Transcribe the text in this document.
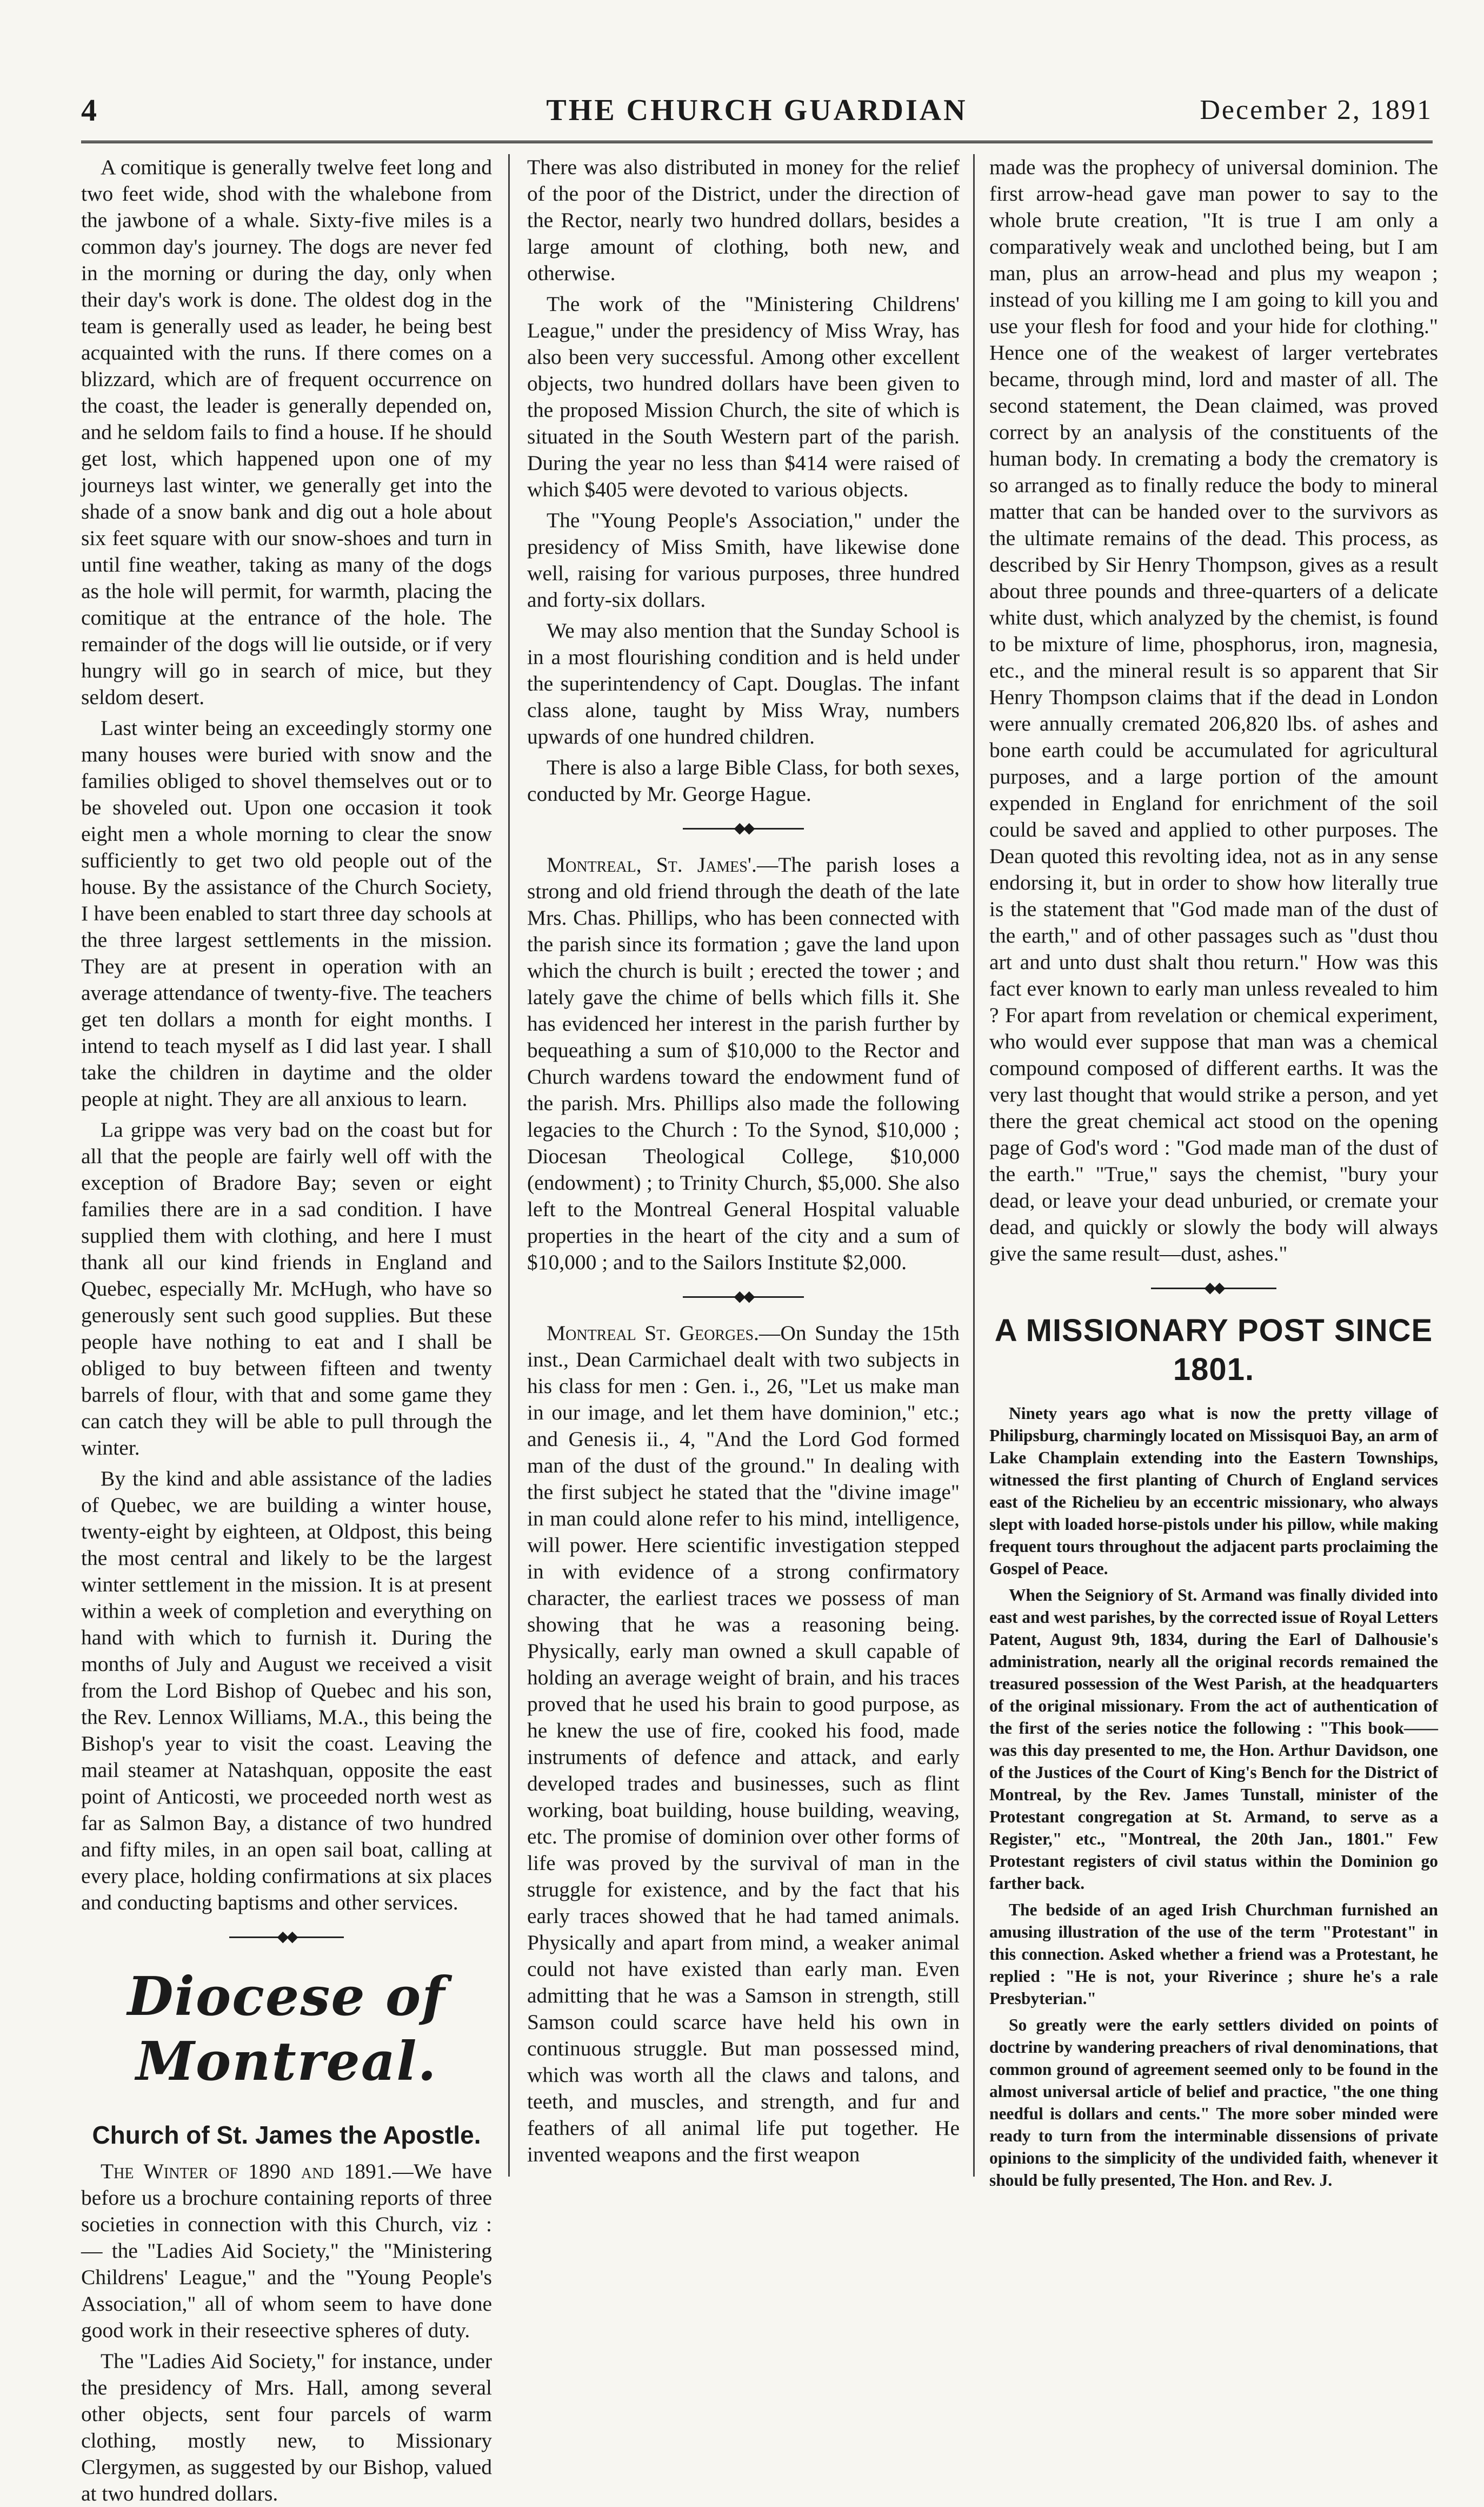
4	THE CHURCH GUARDIAN	December 2, 1891

A comitique is generally twelve feet long and two feet wide, shod with the whalebone from the jawbone of a whale. Sixty-five miles is a common day's journey. The dogs are never fed in the morning or during the day, only when their day's work is done. The oldest dog in the team is generally used as leader, he being best acquainted with the runs. If there comes on a blizzard, which are of frequent occurrence on the coast, the leader is generally depended on, and he seldom fails to find a house. If he should get lost, which happened upon one of my journeys last winter, we generally get into the shade of a snow bank and dig out a hole about six feet square with our snow-shoes and turn in until fine weather, taking as many of the dogs as the hole will permit, for warmth, placing the comitique at the entrance of the hole. The remainder of the dogs will lie outside, or if very hungry will go in search of mice, but they seldom desert.

Last winter being an exceedingly stormy one many houses were buried with snow and the families obliged to shovel themselves out or to be shoveled out. Upon one occasion it took eight men a whole morning to clear the snow sufficiently to get two old people out of the house. By the assistance of the Church Society, I have been enabled to start three day schools at the three largest settlements in the mission. They are at present in operation with an average attendance of twenty-five. The teachers get ten dollars a month for eight months. I intend to teach myself as I did last year. I shall take the children in daytime and the older people at night. They are all anxious to learn.

La grippe was very bad on the coast but for all that the people are fairly well off with the exception of Bradore Bay; seven or eight families there are in a sad condition. I have supplied them with clothing, and here I must thank all our kind friends in England and Quebec, especially Mr. McHugh, who have so generously sent such good supplies. But these people have nothing to eat and I shall be obliged to buy between fifteen and twenty barrels of flour, with that and some game they can catch they will be able to pull through the winter.

By the kind and able assistance of the ladies of Quebec, we are building a winter house, twenty-eight by eighteen, at Oldpost, this being the most central and likely to be the largest winter settlement in the mission. It is at present within a week of completion and everything on hand with which to furnish it. During the months of July and August we received a visit from the Lord Bishop of Quebec and his son, the Rev. Lennox Williams, M.A., this being the Bishop's year to visit the coast. Leaving the mail steamer at Natashquan, opposite the east point of Anticosti, we proceeded north west as far as Salmon Bay, a distance of two hundred and fifty miles, in an open sail boat, calling at every place, holding confirmations at six places and conducting baptisms and other services.

◆◆
Diocese of Montreal.
Church of St. James the Apostle.

The Winter of 1890 and 1891.—We have before us a brochure containing reports of three societies in connection with this Church, viz :— the "Ladies Aid Society," the "Ministering Childrens' League," and the "Young People's Association," all of whom seem to have done good work in their reseective spheres of duty.

The "Ladies Aid Society," for instance, under the presidency of Mrs. Hall, among several other objects, sent four parcels of warm clothing, mostly new, to Missionary Clergymen, as suggested by our Bishop, valued at two hundred dollars.

There was also distributed in money for the relief of the poor of the District, under the direction of the Rector, nearly two hundred dollars, besides a large amount of clothing, both new, and otherwise.

The work of the "Ministering Childrens' League," under the presidency of Miss Wray, has also been very successful. Among other excellent objects, two hundred dollars have been given to the proposed Mission Church, the site of which is situated in the South Western part of the parish. During the year no less than $414 were raised of which $405 were devoted to various objects.

The "Young People's Association," under the presidency of Miss Smith, have likewise done well, raising for various purposes, three hundred and forty-six dollars.

We may also mention that the Sunday School is in a most flourishing condition and is held under the superintendency of Capt. Douglas. The infant class alone, taught by Miss Wray, numbers upwards of one hundred children.

There is also a large Bible Class, for both sexes, conducted by Mr. George Hague.

◆◆

Montreal, St. James'.—The parish loses a strong and old friend through the death of the late Mrs. Chas. Phillips, who has been connected with the parish since its formation ; gave the land upon which the church is built ; erected the tower ; and lately gave the chime of bells which fills it. She has evidenced her interest in the parish further by bequeathing a sum of $10,000 to the Rector and Church wardens toward the endowment fund of the parish. Mrs. Phillips also made the following legacies to the Church : To the Synod, $10,000 ; Diocesan Theological College, $10,000 (endowment) ; to Trinity Church, $5,000. She also left to the Montreal General Hospital valuable properties in the heart of the city and a sum of $10,000 ; and to the Sailors Institute $2,000.

◆◆

Montreal St. Georges.—On Sunday the 15th inst., Dean Carmichael dealt with two subjects in his class for men : Gen. i., 26, "Let us make man in our image, and let them have dominion," etc.; and Genesis ii., 4, "And the Lord God formed man of the dust of the ground." In dealing with the first subject he stated that the "divine image" in man could alone refer to his mind, intelligence, will power. Here scientific investigation stepped in with evidence of a strong confirmatory character, the earliest traces we possess of man showing that he was a reasoning being. Physically, early man owned a skull capable of holding an average weight of brain, and his traces proved that he used his brain to good purpose, as he knew the use of fire, cooked his food, made instruments of defence and attack, and early developed trades and businesses, such as flint working, boat building, house building, weaving, etc. The promise of dominion over other forms of life was proved by the survival of man in the struggle for existence, and by the fact that his early traces showed that he had tamed animals. Physically and apart from mind, a weaker animal could not have existed than early man. Even admitting that he was a Samson in strength, still Samson could scarce have held his own in continuous struggle. But man possessed mind, which was worth all the claws and talons, and teeth, and muscles, and strength, and fur and feathers of all animal life put together. He invented weapons and the first weapon

made was the prophecy of universal dominion. The first arrow-head gave man power to say to the whole brute creation, "It is true I am only a comparatively weak and unclothed being, but I am man, plus an arrow-head and plus my weapon ; instead of you killing me I am going to kill you and use your flesh for food and your hide for clothing." Hence one of the weakest of larger vertebrates became, through mind, lord and master of all. The second statement, the Dean claimed, was proved correct by an analysis of the constituents of the human body. In cremating a body the crematory is so arranged as to finally reduce the body to mineral matter that can be handed over to the survivors as the ultimate remains of the dead. This process, as described by Sir Henry Thompson, gives as a result about three pounds and three-quarters of a delicate white dust, which analyzed by the chemist, is found to be mixture of lime, phosphorus, iron, magnesia, etc., and the mineral result is so apparent that Sir Henry Thompson claims that if the dead in London were annually cremated 206,820 lbs. of ashes and bone earth could be accumulated for agricultural purposes, and a large portion of the amount expended in England for enrichment of the soil could be saved and applied to other purposes. The Dean quoted this revolting idea, not as in any sense endorsing it, but in order to show how literally true is the statement that "God made man of the dust of the earth," and of other passages such as "dust thou art and unto dust shalt thou return." How was this fact ever known to early man unless revealed to him ? For apart from revelation or chemical experiment, who would ever suppose that man was a chemical compound composed of different earths. It was the very last thought that would strike a person, and yet there the great chemical act stood on the opening page of God's word : "God made man of the dust of the earth." "True," says the chemist, "bury your dead, or leave your dead unburied, or cremate your dead, and quickly or slowly the body will always give the same result—dust, ashes."

◆◆
A MISSIONARY POST SINCE 1801.

Ninety years ago what is now the pretty village of Philipsburg, charmingly located on Missisquoi Bay, an arm of Lake Champlain extending into the Eastern Townships, witnessed the first planting of Church of England services east of the Richelieu by an eccentric missionary, who always slept with loaded horse-pistols under his pillow, while making frequent tours throughout the adjacent parts proclaiming the Gospel of Peace.

When the Seigniory of St. Armand was finally divided into east and west parishes, by the corrected issue of Royal Letters Patent, August 9th, 1834, during the Earl of Dalhousie's administration, nearly all the original records remained the treasured possession of the West Parish, at the headquarters of the original missionary. From the act of authentication of the first of the series notice the following : "This book—— was this day presented to me, the Hon. Arthur Davidson, one of the Justices of the Court of King's Bench for the District of Montreal, by the Rev. James Tunstall, minister of the Protestant congregation at St. Armand, to serve as a Register," etc., "Montreal, the 20th Jan., 1801." Few Protestant registers of civil status within the Dominion go farther back.

The bedside of an aged Irish Churchman furnished an amusing illustration of the use of the term "Protestant" in this connection. Asked whether a friend was a Protestant, he replied : "He is not, your Riverince ; shure he's a rale Presbyterian."

So greatly were the early settlers divided on points of doctrine by wandering preachers of rival denominations, that common ground of agreement seemed only to be found in the almost universal article of belief and practice, "the one thing needful is dollars and cents." The more sober minded were ready to turn from the interminable dissensions of private opinions to the simplicity of the undivided faith, whenever it should be fully presented, The Hon. and Rev. J.
